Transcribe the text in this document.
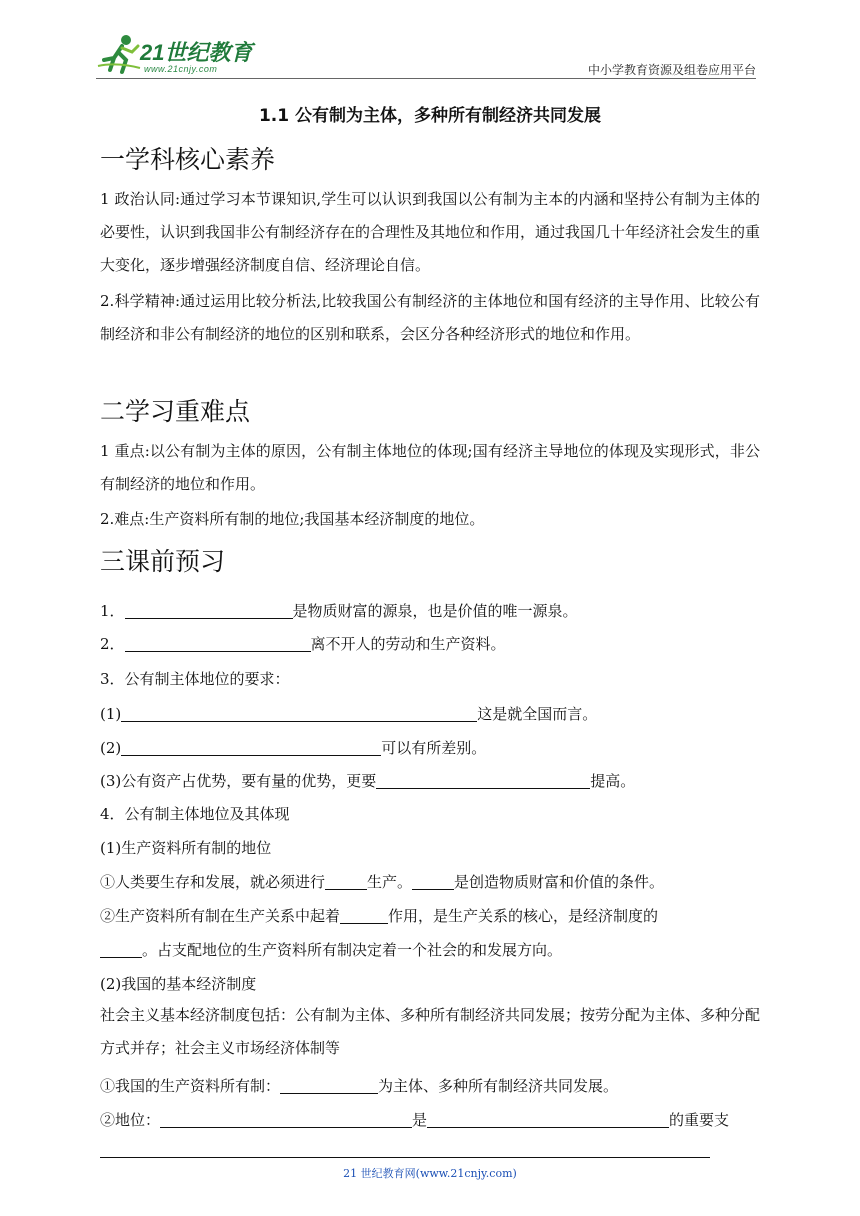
21世纪教育
www.21cnjy.com	中小学教育资源及组卷应用平台
1.1 公有制为主体，多种所有制经济共同发展
一学科核心素养
1 政治认同:通过学习本节课知识,学生可以认识到我国以公有制为主本的内涵和坚持公有制为主体的必要性，认识到我国非公有制经济存在的合理性及其地位和作用，通过我国几十年经济社会发生的重大变化，逐步增强经济制度自信、经济理论自信。
2.科学精神:通过运用比较分析法,比较我国公有制经济的主体地位和国有经济的主导作用、比较公有制经济和非公有制经济的地位的区别和联系，会区分各种经济形式的地位和作用。
二学习重难点
1 重点:以公有制为主体的原因，公有制主体地位的体现;国有经济主导地位的体现及实现形式，非公有制经济的地位和作用。
2.难点:生产资料所有制的地位;我国基本经济制度的地位。
三课前预习
1．	是物质财富的源泉，也是价值的唯一源泉。
2．	离不开人的劳动和生产资料。
3．公有制主体地位的要求：
(1)	这是就全国而言。
(2)	可以有所差别。
(3)公有资产占优势，要有量的优势，更要	提高。
4．公有制主体地位及其体现
(1)生产资料所有制的地位
①人类要生存和发展，就必须进行	生产。	是创造物质财富和价值的条件。
②生产资料所有制在生产关系中起着	作用，是生产关系的核心，是经济制度的
。占支配地位的生产资料所有制决定着一个社会的和发展方向。
(2)我国的基本经济制度
社会主义基本经济制度包括：公有制为主体、多种所有制经济共同发展；按劳分配为主体、多种分配方式并存；社会主义市场经济体制等
①我国的生产资料所有制：	为主体、多种所有制经济共同发展。
②地位：	是	的重要支
21 世纪教育网(www.21cnjy.com)
